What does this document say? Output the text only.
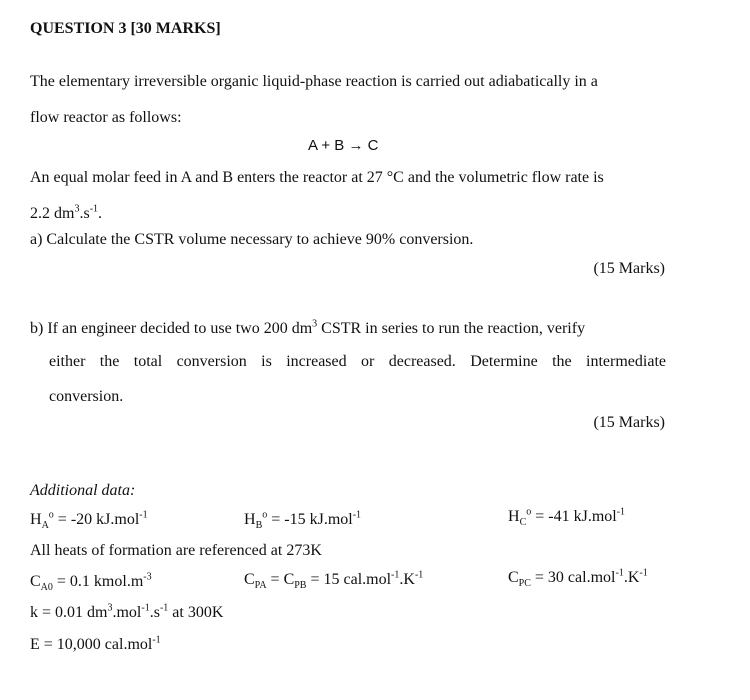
QUESTION 3 [30 MARKS]
The elementary irreversible organic liquid-phase reaction is carried out adiabatically in a
flow reactor as follows:
A + B → C
An equal molar feed in A and B enters the reactor at 27 °C and the volumetric flow rate is
2.2 $dm^3.s^{-1}$.
a) Calculate the CSTR volume necessary to achieve 90% conversion.
(15 Marks)
b) If an engineer decided to use two 200 $dm^3$ CSTR in series to run the reaction, verify
either the total conversion is increased or decreased. Determine the intermediate
conversion.
(15 Marks)
Additional data:
$H_A^o = -20$ kJ.mol$^{-1}$	$H_B^o = -15$ kJ.mol$^{-1}$	$H_C^o = -41$ kJ.mol$^{-1}$
All heats of formation are referenced at 273K
$C_{A0} = 0.1$ $kmol.m^{-3}$	$C_{PA} = C_{PB} = 15$ $cal.mol^{-1}.K^{-1}$	$C_{PC} = 30$ $cal.mol^{-1}.K^{-1}$
k = 0.01 $dm^3.mol^{-1}.s^{-1}$ at 300K
E = 10,000 cal.mol$^{-1}$
